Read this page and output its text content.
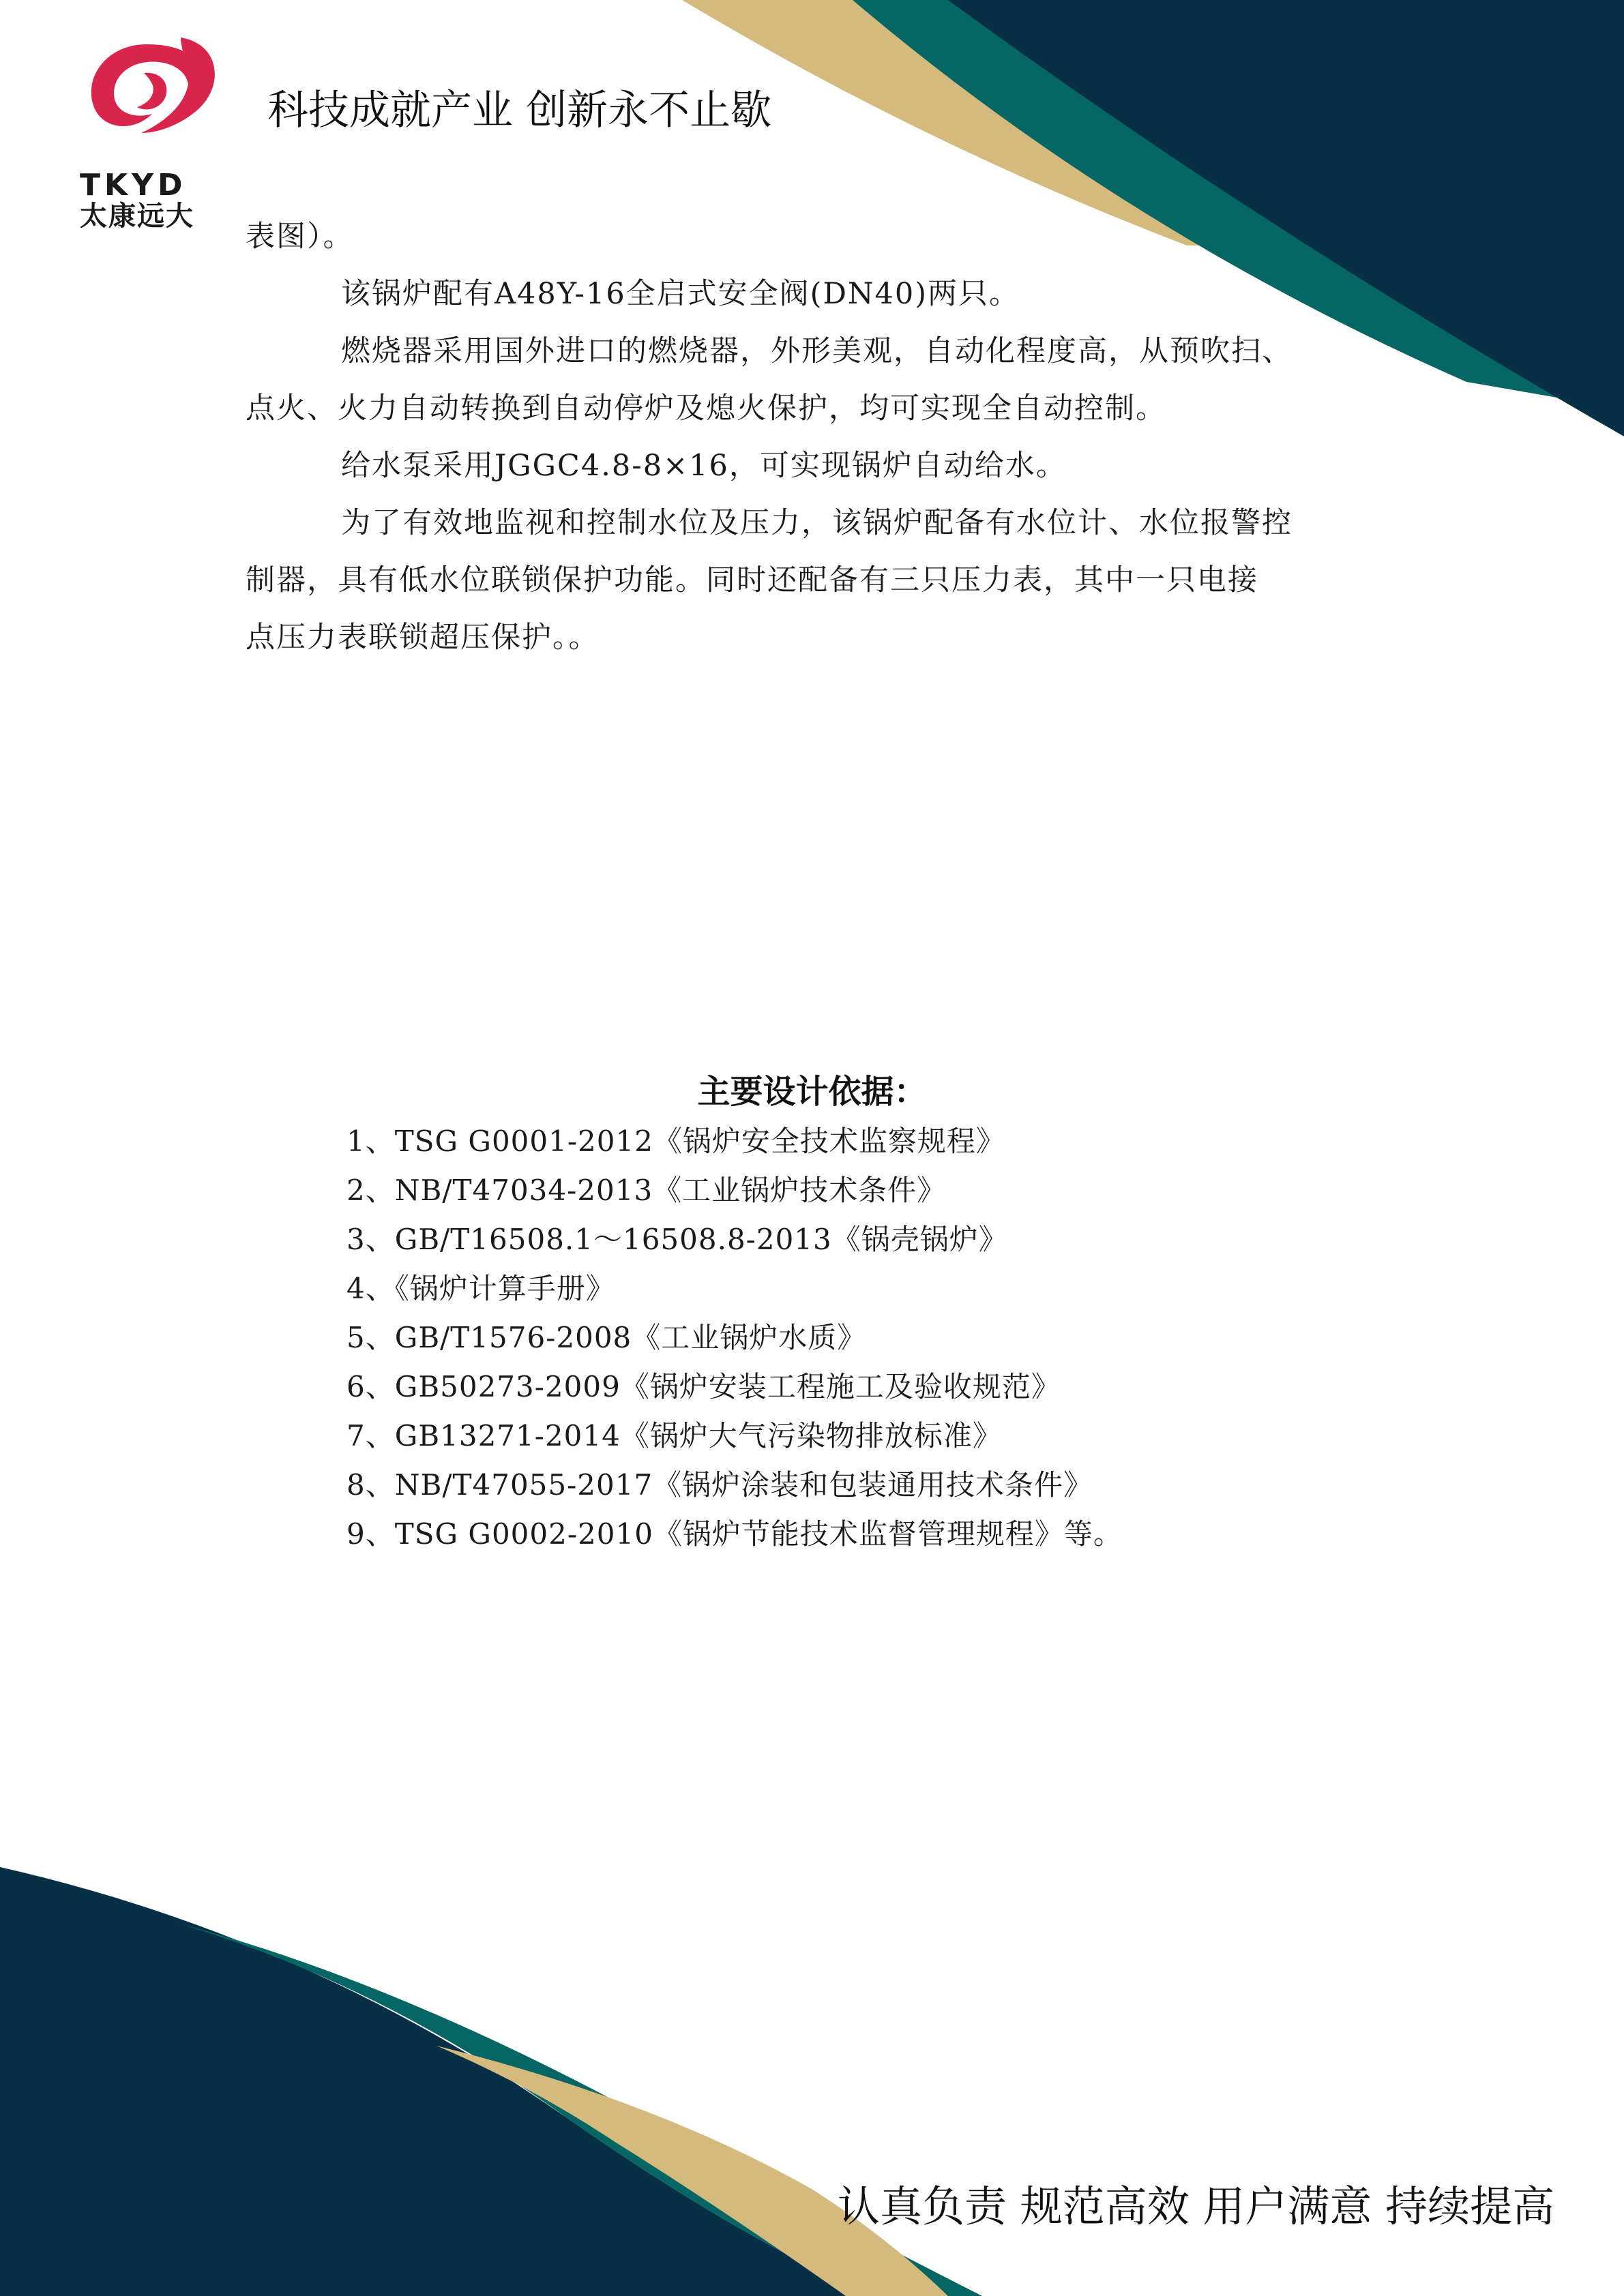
TKYD
太康远大
科技成就产业 创新永不止歇

表图）。

该锅炉配有A48Y-16全启式安全阀(DN40)两只。

燃烧器采用国外进口的燃烧器，外形美观，自动化程度高，从预吹扫、

点火、火力自动转换到自动停炉及熄火保护，均可实现全自动控制。

给水泵采用JGGC4.8-8×16，可实现锅炉自动给水。

为了有效地监视和控制水位及压力，该锅炉配备有水位计、水位报警控

制器，具有低水位联锁保护功能。同时还配备有三只压力表，其中一只电接

点压力表联锁超压保护。。

主要设计依据：
1、TSG G0001-2012《锅炉安全技术监察规程》
2、NB/T47034-2013《工业锅炉技术条件》
3、GB/T16508.1～16508.8-2013《锅壳锅炉》
4、《锅炉计算手册》
5、GB/T1576-2008《工业锅炉水质》
6、GB50273-2009《锅炉安装工程施工及验收规范》
7、GB13271-2014《锅炉大气污染物排放标准》
8、NB/T47055-2017《锅炉涂装和包装通用技术条件》
9、TSG G0002-2010《锅炉节能技术监督管理规程》等。
认真负责 规范高效 用户满意 持续提高
